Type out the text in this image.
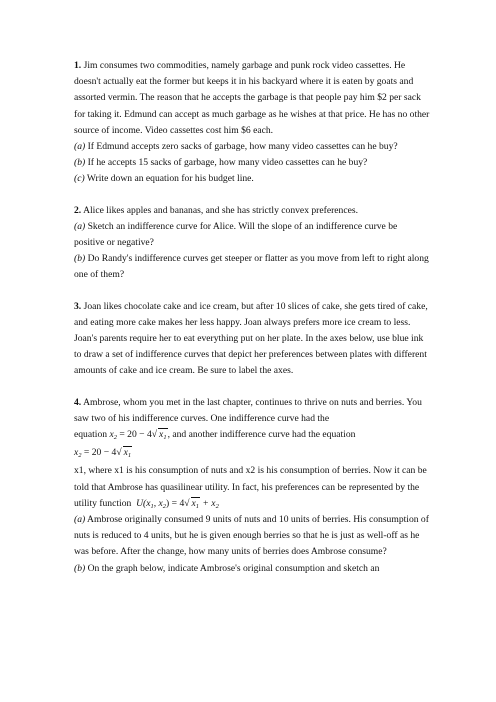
1. Jim consumes two commodities, namely garbage and punk rock video cassettes. He doesn't actually eat the former but keeps it in his backyard where it is eaten by goats and assorted vermin. The reason that he accepts the garbage is that people pay him $2 per sack for taking it. Edmund can accept as much garbage as he wishes at that price. He has no other source of income. Video cassettes cost him $6 each.

(a) If Edmund accepts zero sacks of garbage, how many video cassettes can he buy?

(b) If he accepts 15 sacks of garbage, how many video cassettes can he buy?

(c) Write down an equation for his budget line.

2. Alice likes apples and bananas, and she has strictly convex preferences.

(a) Sketch an indifference curve for Alice. Will the slope of an indifference curve be positive or negative?

(b) Do Randy's indifference curves get steeper or flatter as you move from left to right along one of them?

3. Joan likes chocolate cake and ice cream, but after 10 slices of cake, she gets tired of cake, and eating more cake makes her less happy. Joan always prefers more ice cream to less. Joan's parents require her to eat everything put on her plate. In the axes below, use blue ink to draw a set of indifference curves that depict her preferences between plates with different amounts of cake and ice cream. Be sure to label the axes.

4. Ambrose, whom you met in the last chapter, continues to thrive on nuts and berries. You saw two of his indifference curves. One indifference curve had the

equation $x_2 = 20 - 4√$ $x_1$, and another indifference curve had the equation

$x_2 = 20 - 4√$ $x_1$

x1, where x1 is his consumption of nuts and x2 is his consumption of berries. Now it can be told that Ambrose has quasilinear utility. In fact, his preferences can be represented by the utility function $U(x_1$, $x_2) = 4√$ $x_1 + x_2$

(a) Ambrose originally consumed 9 units of nuts and 10 units of berries. His consumption of nuts is reduced to 4 units, but he is given enough berries so that he is just as well-off as he was before. After the change, how many units of berries does Ambrose consume?

(b) On the graph below, indicate Ambrose's original consumption and sketch an
